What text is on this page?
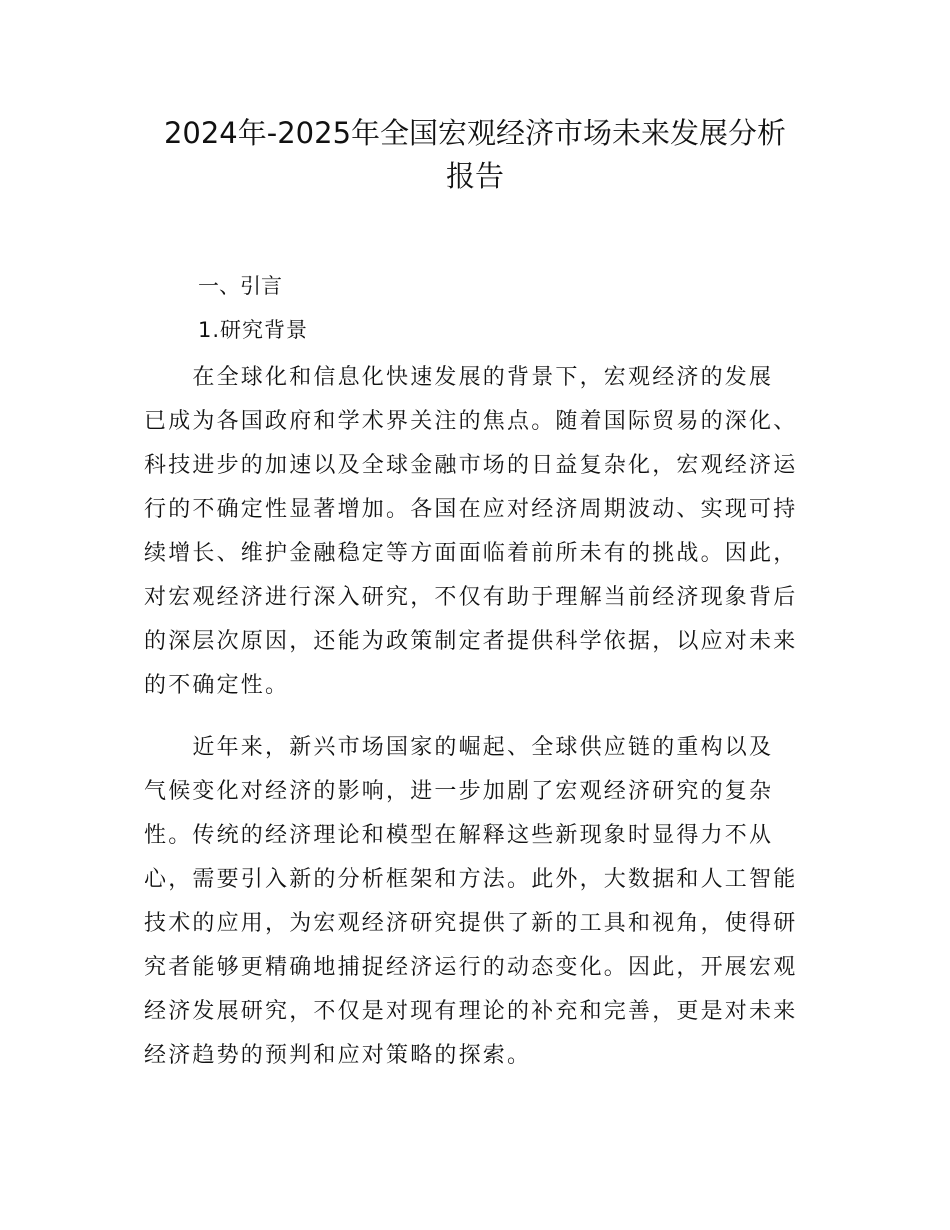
2024年-2025年全国宏观经济市场未来发展分析
报告
一、引言
1.研究背景
　　在全球化和信息化快速发展的背景下，宏观经济的发展
已成为各国政府和学术界关注的焦点。随着国际贸易的深化、
科技进步的加速以及全球金融市场的日益复杂化，宏观经济运
行的不确定性显著增加。各国在应对经济周期波动、实现可持
续增长、维护金融稳定等方面面临着前所未有的挑战。因此，
对宏观经济进行深入研究，不仅有助于理解当前经济现象背后
的深层次原因，还能为政策制定者提供科学依据，以应对未来
的不确定性。
　　近年来，新兴市场国家的崛起、全球供应链的重构以及
气候变化对经济的影响，进一步加剧了宏观经济研究的复杂
性。传统的经济理论和模型在解释这些新现象时显得力不从
心，需要引入新的分析框架和方法。此外，大数据和人工智能
技术的应用，为宏观经济研究提供了新的工具和视角，使得研
究者能够更精确地捕捉经济运行的动态变化。因此，开展宏观
经济发展研究，不仅是对现有理论的补充和完善，更是对未来
经济趋势的预判和应对策略的探索。
